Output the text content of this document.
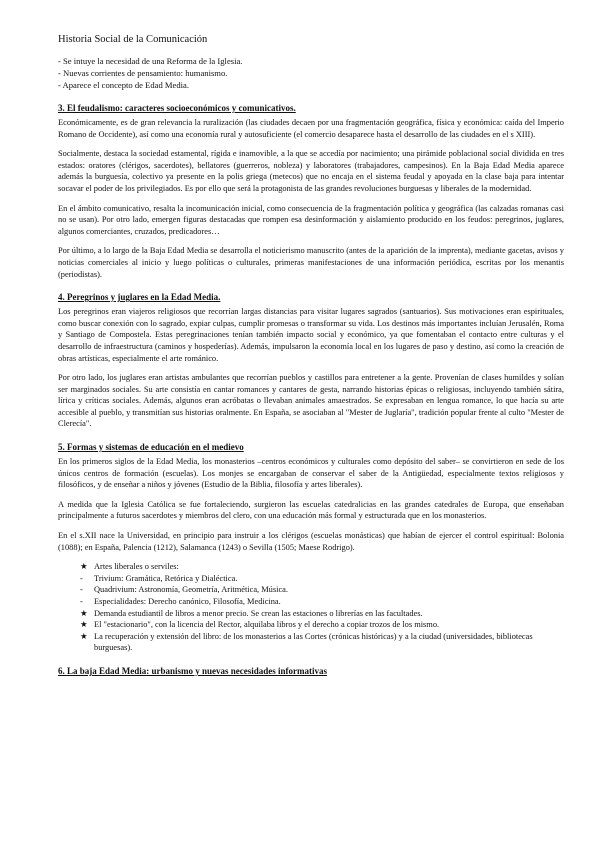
Historia Social de la Comunicación

- Se intuye la necesidad de una Reforma de la Iglesia.

- Nuevas corrientes de pensamiento: humanismo.

- Aparece el concepto de Edad Media.

3. El feudalismo: caracteres socioeconómicos y comunicativos.

Económicamente, es de gran relevancia la ruralización (las ciudades decaen por una fragmentación geográfica, física y económica: caída del Imperio Romano de Occidente), así como una economía rural y autosuficiente (el comercio desaparece hasta el desarrollo de las ciudades en el s XIII).

Socialmente, destaca la sociedad estamental, rígida e inamovible, a la que se accedía por nacimiento; una pirámide poblacional social dividida en tres estados: oratores (clérigos, sacerdotes), bellatores (guerreros, nobleza) y laboratores (trabajadores, campesinos). En la Baja Edad Media aparece además la burguesía, colectivo ya presente en la polis griega (metecos) que no encaja en el sistema feudal y apoyada en la clase baja para intentar socavar el poder de los privilegiados. Es por ello que será la protagonista de las grandes revoluciones burguesas y liberales de la modernidad.

En el ámbito comunicativo, resalta la incomunicación inicial, como consecuencia de la fragmentación política y geográfica (las calzadas romanas casi no se usan). Por otro lado, emergen figuras destacadas que rompen esa desinformación y aislamiento producido en los feudos: peregrinos, juglares, algunos comerciantes, cruzados, predicadores…

Por último, a lo largo de la Baja Edad Media se desarrolla el noticierismo manuscrito (antes de la aparición de la imprenta), mediante gacetas, avisos y noticias comerciales al inicio y luego políticas o culturales, primeras manifestaciones de una información periódica, escritas por los menantis (periodistas).

4. Peregrinos y juglares en la Edad Media.

Los peregrinos eran viajeros religiosos que recorrían largas distancias para visitar lugares sagrados (santuarios). Sus motivaciones eran espirituales, como buscar conexión con lo sagrado, expiar culpas, cumplir promesas o transformar su vida. Los destinos más importantes incluían Jerusalén, Roma y Santiago de Compostela. Estas peregrinaciones tenían también impacto social y económico, ya que fomentaban el contacto entre culturas y el desarrollo de infraestructura (caminos y hospederías). Además, impulsaron la economía local en los lugares de paso y destino, así como la creación de obras artísticas, especialmente el arte románico.

Por otro lado, los juglares eran artistas ambulantes que recorrían pueblos y castillos para entretener a la gente. Provenían de clases humildes y solían ser marginados sociales. Su arte consistía en cantar romances y cantares de gesta, narrando historias épicas o religiosas, incluyendo también sátira, lírica y críticas sociales. Además, algunos eran acróbatas o llevaban animales amaestrados. Se expresaban en lengua romance, lo que hacía su arte accesible al pueblo, y transmitían sus historias oralmente. En España, se asociaban al "Mester de Juglaría", tradición popular frente al culto "Mester de Clerecía".

5. Formas y sistemas de educación en el medievo

En los primeros siglos de la Edad Media, los monasterios –centros económicos y culturales como depósito del saber– se convirtieron en sede de los únicos centros de formación (escuelas). Los monjes se encargaban de conservar el saber de la Antigüedad, especialmente textos religiosos y filosóficos, y de enseñar a niños y jóvenes (Estudio de la Biblia, filosofía y artes liberales).

A medida que la Iglesia Católica se fue fortaleciendo, surgieron las escuelas catedralicias en las grandes catedrales de Europa, que enseñaban principalmente a futuros sacerdotes y miembros del clero, con una educación más formal y estructurada que en los monasterios.

En el s.XII nace la Universidad, en principio para instruir a los clérigos (escuelas monásticas) que habían de ejercer el control espiritual: Bolonia (1088); en España, Palencia (1212), Salamanca (1243) o Sevilla (1505; Maese Rodrigo).

★ Artes liberales o serviles:
-	Trivium: Gramática, Retórica y Dialéctica.
-	Quadrivium: Astronomía, Geometría, Aritmética, Música.
-	Especialidades: Derecho canónico, Filosofía, Medicina.
★ Demanda estudiantil de libros a menor precio. Se crean las estaciones o librerías en las facultades.
★ El "estacionario", con la licencia del Rector, alquilaba libros y el derecho a copiar trozos de los mismo.
★ La recuperación y extensión del libro: de los monasterios a las Cortes (crónicas históricas) y a la ciudad (universidades, bibliotecas burguesas).
6. La baja Edad Media: urbanismo y nuevas necesidades informativas
